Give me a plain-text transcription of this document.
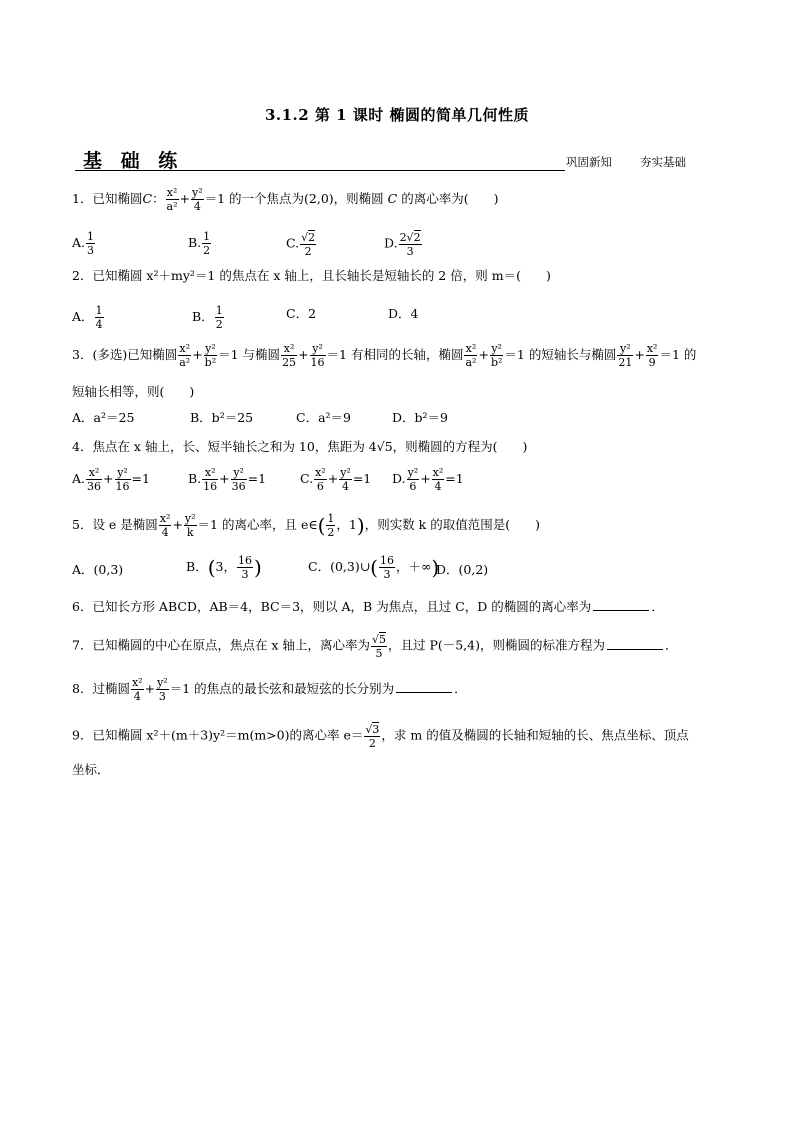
3.1.2 第 1 课时 椭圆的简单几何性质
基 础 练	巩固新知 夯实基础
1．已知椭圆C： $\frac{\text{x²}}{\text{a²}} + \frac{\text{y²}}{4} =1$ 的一个焦点为(2,0)，则椭圆 C 的离心率为(　　)
A. $\frac{1}{3}$	B. $\frac{1}{2}$	C. $\frac{√2}{2}$	D. $\frac{2√2}{3}$
2．已知椭圆 x²＋my²＝1 的焦点在 x 轴上，且长轴长是短轴长的 2 倍，则 m＝(　　)
A． $\frac{1}{4}$	B． $\frac{1}{2}$	C．2	D．4
3．(多选)已知椭圆 $\frac{\text{x²}}{\text{a²}} + \frac{\text{y²}}{\text{b²}} =1$ 与椭圆 $\frac{\text{x²}}{25} + \frac{\text{y²}}{16} =1$ 有相同的长轴，椭圆 $\frac{\text{x²}}{\text{a²}} + \frac{\text{y²}}{\text{b²}} =1$ 的短轴长与椭圆 $\frac{\text{y²}}{21} + \frac{\text{x²}}{9} =1$ 的
短轴长相等，则(　　)
A．a²＝25	B．b²＝25	C．a²＝9	D．b²＝9
4．焦点在 x 轴上，长、短半轴长之和为 10，焦距为 4√5，则椭圆的方程为(　　)
A. $\frac{\text{x²}}{36} + \frac{\text{y²}}{16} =1$	B. $\frac{\text{x²}}{16} + \frac{\text{y²}}{36} =1$	C. $\frac{\text{x²}}{6} + \frac{\text{y²}}{4} =1$ D. $\frac{\text{y²}}{6} + \frac{\text{x²}}{4} =1$
5．设 e 是椭圆 $\frac{\text{x²}}{4} + \frac{\text{y²}}{k} =1$ 的离心率，且 e∈( $\frac{1}{2}$ ，1)，则实数 k 的取值范围是(　　)
A．(0,3)	B．(3， $\frac{16}{3}$ )	C．(0,3)∪( $\frac{16}{3}$ ，＋∞)
D．(0,2)
6．已知长方形 ABCD，AB＝4，BC＝3，则以 A，B 为焦点，且过 C，D 的椭圆的离心率为	．
7．已知椭圆的中心在原点，焦点在 x 轴上，离心率为 $\frac{√5}{5}$ ，且过 P(－5,4)，则椭圆的标准方程为	．
8．过椭圆 $\frac{\text{x²}}{4} + \frac{\text{y²}}{3} =1$ 的焦点的最长弦和最短弦的长分别为	．
9．已知椭圆 x²＋(m＋3)y²＝m(m>0)的离心率 $e= \frac{√3}{2}$ ，求 m 的值及椭圆的长轴和短轴的长、焦点坐标、顶点
坐标．
